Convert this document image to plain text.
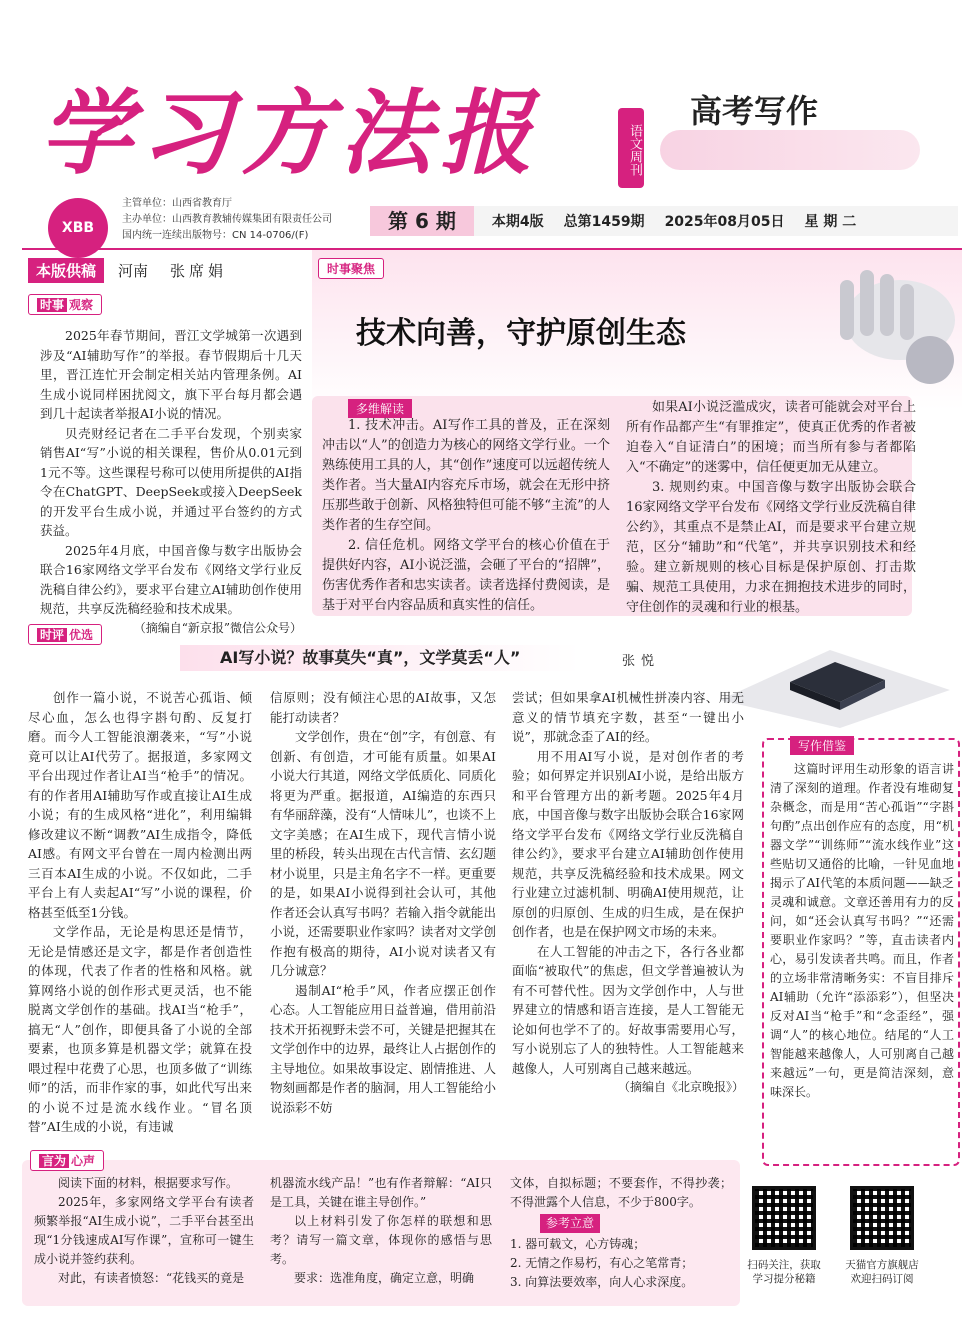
学习方法报	语文周刊
高考写作
XBB
主管单位：山西省教育厅
主办单位：山西教育教辅传媒集团有限责任公司
国内统一连续出版物号：CN 14-0706/(F)
第 6 期	本期4版 总第1459期 2025年08月05日 星 期 二
本版供稿	河南 张席娟
时事 观察

2025年春节期间，晋江文学城第一次遇到涉及“AI辅助写作”的举报。春节假期后十几天里，晋江连忙开会制定相关站内管理条例。AI生成小说同样困扰阅文，旗下平台每月都会遇到几十起读者举报AI小说的情况。

贝壳财经记者在二手平台发现，个别卖家销售AI“写”小说的相关课程，售价从0.01元到1元不等。这些课程号称可以使用所提供的AI指令在ChatGPT、DeepSeek或接入DeepSeek的开发平台生成小说，并通过平台签约的方式获益。

2025年4月底，中国音像与数字出版协会联合16家网络文学平台发布《网络文学行业反洗稿自律公约》，要求平台建立AI辅助创作使用规范，共享反洗稿经验和技术成果。

（摘编自“新京报”微信公众号）
时事聚焦
技术向善，守护原创生态
多维解读

1. 技术冲击。AI写作工具的普及，正在深刻冲击以“人”的创造力为核心的网络文学行业。一个熟练使用工具的人，其“创作”速度可以远超传统人类作者。当大量AI内容充斥市场，就会在无形中挤压那些敢于创新、风格独特但可能不够“主流”的人类作者的生存空间。

2. 信任危机。网络文学平台的核心价值在于提供好内容，AI小说泛滥，会砸了平台的“招牌”，伤害优秀作者和忠实读者。读者选择付费阅读，是基于对平台内容品质和真实性的信任。

如果AI小说泛滥成灾，读者可能就会对平台上所有作品都产生“有罪推定”，使真正优秀的作者被迫卷入“自证清白”的困境；而当所有参与者都陷入“不确定”的迷雾中，信任便更加无从建立。

3. 规则约束。中国音像与数字出版协会联合16家网络文学平台发布《网络文学行业反洗稿自律公约》，其重点不是禁止AI，而是要求平台建立规范，区分“辅助”和“代笔”，并共享识别技术和经验。建立新规则的核心目标是保护原创、打击欺骗、规范工具使用，力求在拥抱技术进步的同时，守住创作的灵魂和行业的根基。

时评 优选
AI写小说？故事莫失“真”，文学莫丢“人”	张悦

创作一篇小说，不说苦心孤诣、倾尽心血，怎么也得字斟句酌、反复打磨。而今人工智能浪潮袭来，“写”小说竟可以让AI代劳了。据报道，多家网文平台出现过作者让AI当“枪手”的情况。有的作者用AI辅助写作或直接让AI生成小说；有的生成风格“进化”，利用编辑修改建议不断“调教”AI生成指令，降低AI感。有网文平台曾在一周内检测出两三百本AI生成的小说。不仅如此，二手平台上有人卖起AI“写”小说的课程，价格甚至低至1分钱。

文学作品，无论是构思还是情节，无论是情感还是文字，都是作者创造性的体现，代表了作者的性格和风格。就算网络小说的创作形式更灵活，也不能脱离文学创作的基础。找AI当“枪手”，搞无“人”创作，即便具备了小说的全部要素，也顶多算是机器文学；就算在投喂过程中花费了心思，也顶多做了“训练师”的活，而非作家的事，如此代写出来的小说不过是流水线作业。“冒名顶替”AI生成的小说，有违诚

信原则；没有倾注心思的AI故事，又怎能打动读者？

文学创作，贵在“创”字，有创意、有创新、有创造，才可能有质量。如果AI小说大行其道，网络文学低质化、同质化将更为严重。据报道，AI编造的东西只有华丽辞藻，没有“人情味儿”，也谈不上文字美感；在AI生成下，现代言情小说里的桥段，转头出现在古代言情、玄幻题材小说里，只是主角名字不一样。更重要的是，如果AI小说得到社会认可，其他作者还会认真写书吗？若输入指令就能出小说，还需要职业作家吗？读者对文学创作抱有极高的期待，AI小说对读者又有几分诚意？

遏制AI“枪手”风，作者应摆正创作心态。人工智能应用日益普遍，借用前沿技术开拓视野未尝不可，关键是把握其在文学创作中的边界，最终让人占据创作的主导地位。如果故事设定、剧情推进、人物刻画都是作者的脑洞，用人工智能给小说添彩不妨

尝试；但如果拿AI机械性拼凑内容、用无意义的情节填充字数，甚至“一键出小说”，那就念歪了AI的经。

用不用AI写小说，是对创作者的考验；如何界定并识别AI小说，是给出版方和平台管理方出的新考题。2025年4月底，中国音像与数字出版协会联合16家网络文学平台发布《网络文学行业反洗稿自律公约》，要求平台建立AI辅助创作使用规范，共享反洗稿经验和技术成果。网文行业建立过滤机制、明确AI使用规范，让原创的归原创、生成的归生成，是在保护创作者，也是在保护网文市场的未来。

在人工智能的冲击之下，各行各业都面临“被取代”的焦虑，但文学普遍被认为有不可替代性。因为文学创作中，人与世界建立的情感和语言连接，是人工智能无论如何也学不了的。好故事需要用心写，写小说别忘了人的独特性。人工智能越来越像人，人可别离自己越来越远。

（摘编自《北京晚报》）
写作借鉴

这篇时评用生动形象的语言讲清了深刻的道理。作者没有堆砌复杂概念，而是用“苦心孤诣”“字斟句酌”点出创作应有的态度，用“机器文学”“训练师”“流水线作业”这些贴切又通俗的比喻，一针见血地揭示了AI代笔的本质问题——缺乏灵魂和诚意。文章还善用有力的反问，如“还会认真写书吗？”“还需要职业作家吗？”等，直击读者内心，易引发读者共鸣。而且，作者的立场非常清晰务实：不盲目排斥AI辅助（允许“添添彩”），但坚决反对AI当“枪手”和“念歪经”，强调“人”的核心地位。结尾的“人工智能越来越像人，人可别离自己越来越远”一句，更是简洁深刻，意味深长。

言为 心声

阅读下面的材料，根据要求写作。

2025年，多家网络文学平台有读者频繁举报“AI生成小说”，二手平台甚至出现“1分钱速成AI写作课”，宣称可一键生成小说并签约获利。

对此，有读者愤怒：“花钱买的竟是

机器流水线产品！”也有作者辩解：“AI只是工具，关键在谁主导创作。”

以上材料引发了你怎样的联想和思考？请写一篇文章，体现你的感悟与思考。

要求：选准角度，确定立意，明确

文体，自拟标题；不要套作，不得抄袭；不得泄露个人信息，不少于800字。
参考立意
1. 器可载文，心方铸魂；
2. 无情之作易朽，有心之笔常青；
3. 向算法要效率，向人心求深度。
扫码关注，获取
学习提分秘籍
天猫官方旗舰店
欢迎扫码订阅
